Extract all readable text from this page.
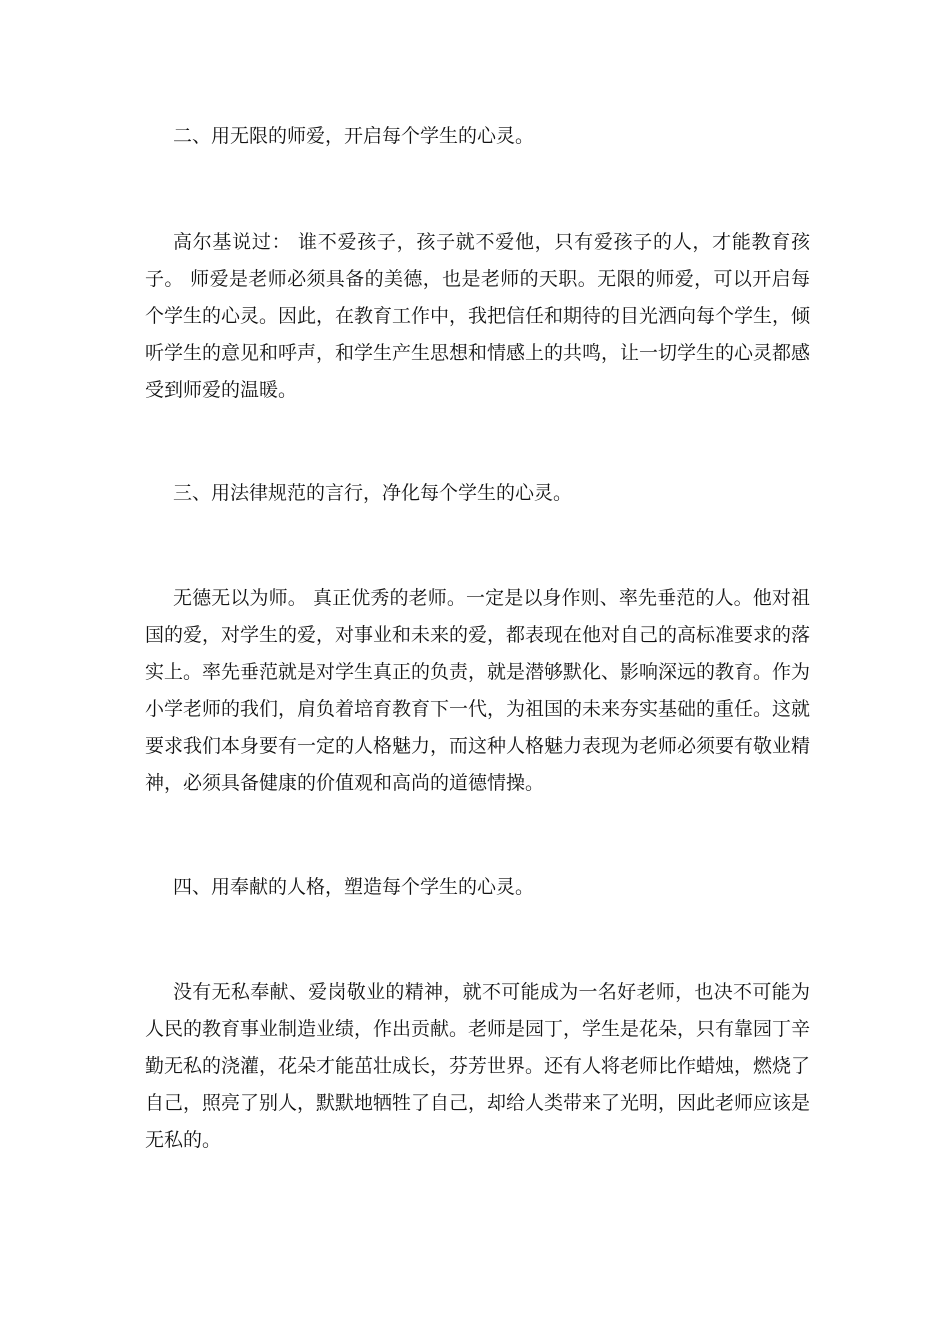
二、用无限的师爱，开启每个学生的心灵。

高尔基说过： 谁不爱孩子，孩子就不爱他，只有爱孩子的人，才能教育孩子。 师爱是老师必须具备的美德，也是老师的天职。无限的师爱，可以开启每个学生的心灵。因此，在教育工作中，我把信任和期待的目光洒向每个学生，倾听学生的意见和呼声，和学生产生思想和情感上的共鸣，让一切学生的心灵都感受到师爱的温暖。

三、用法律规范的言行，净化每个学生的心灵。

无德无以为师。 真正优秀的老师。一定是以身作则、率先垂范的人。他对祖国的爱，对学生的爱，对事业和未来的爱，都表现在他对自己的高标准要求的落实上。率先垂范就是对学生真正的负责，就是潜够默化、影响深远的教育。作为小学老师的我们，肩负着培育教育下一代，为祖国的未来夯实基础的重任。这就要求我们本身要有一定的人格魅力，而这种人格魅力表现为老师必须要有敬业精神，必须具备健康的价值观和高尚的道德情操。

四、用奉献的人格，塑造每个学生的心灵。

没有无私奉献、爱岗敬业的精神，就不可能成为一名好老师，也决不可能为人民的教育事业制造业绩，作出贡献。老师是园丁，学生是花朵，只有靠园丁辛勤无私的浇灌，花朵才能茁壮成长，芬芳世界。还有人将老师比作蜡烛，燃烧了自己，照亮了别人，默默地牺牲了自己，却给人类带来了光明，因此老师应该是无私的。
